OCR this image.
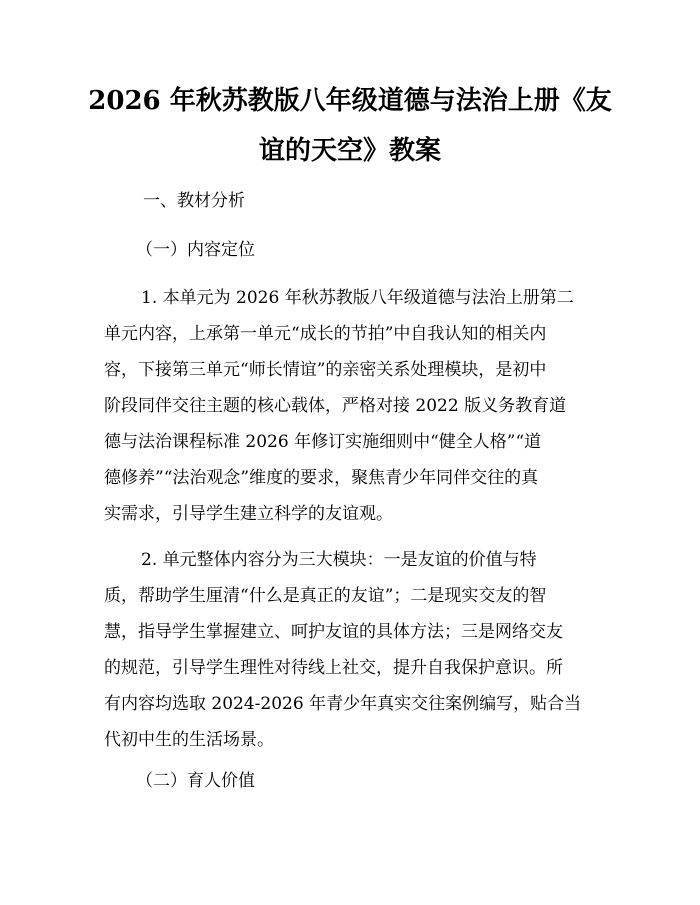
2026 年秋苏教版八年级道德与法治上册《友
谊的天空》教案
一、教材分析
（一）内容定位
1. 本单元为 2026 年秋苏教版八年级道德与法治上册第二
单元内容，上承第一单元“成长的节拍”中自我认知的相关内
容，下接第三单元“师长情谊”的亲密关系处理模块，是初中
阶段同伴交往主题的核心载体，严格对接 2022 版义务教育道
德与法治课程标准 2026 年修订实施细则中“健全人格”“道
德修养”“法治观念”维度的要求，聚焦青少年同伴交往的真
实需求，引导学生建立科学的友谊观。
2. 单元整体内容分为三大模块：一是友谊的价值与特
质，帮助学生厘清“什么是真正的友谊”；二是现实交友的智
慧，指导学生掌握建立、呵护友谊的具体方法；三是网络交友
的规范，引导学生理性对待线上社交，提升自我保护意识。所
有内容均选取 2024-2026 年青少年真实交往案例编写，贴合当
代初中生的生活场景。
（二）育人价值
